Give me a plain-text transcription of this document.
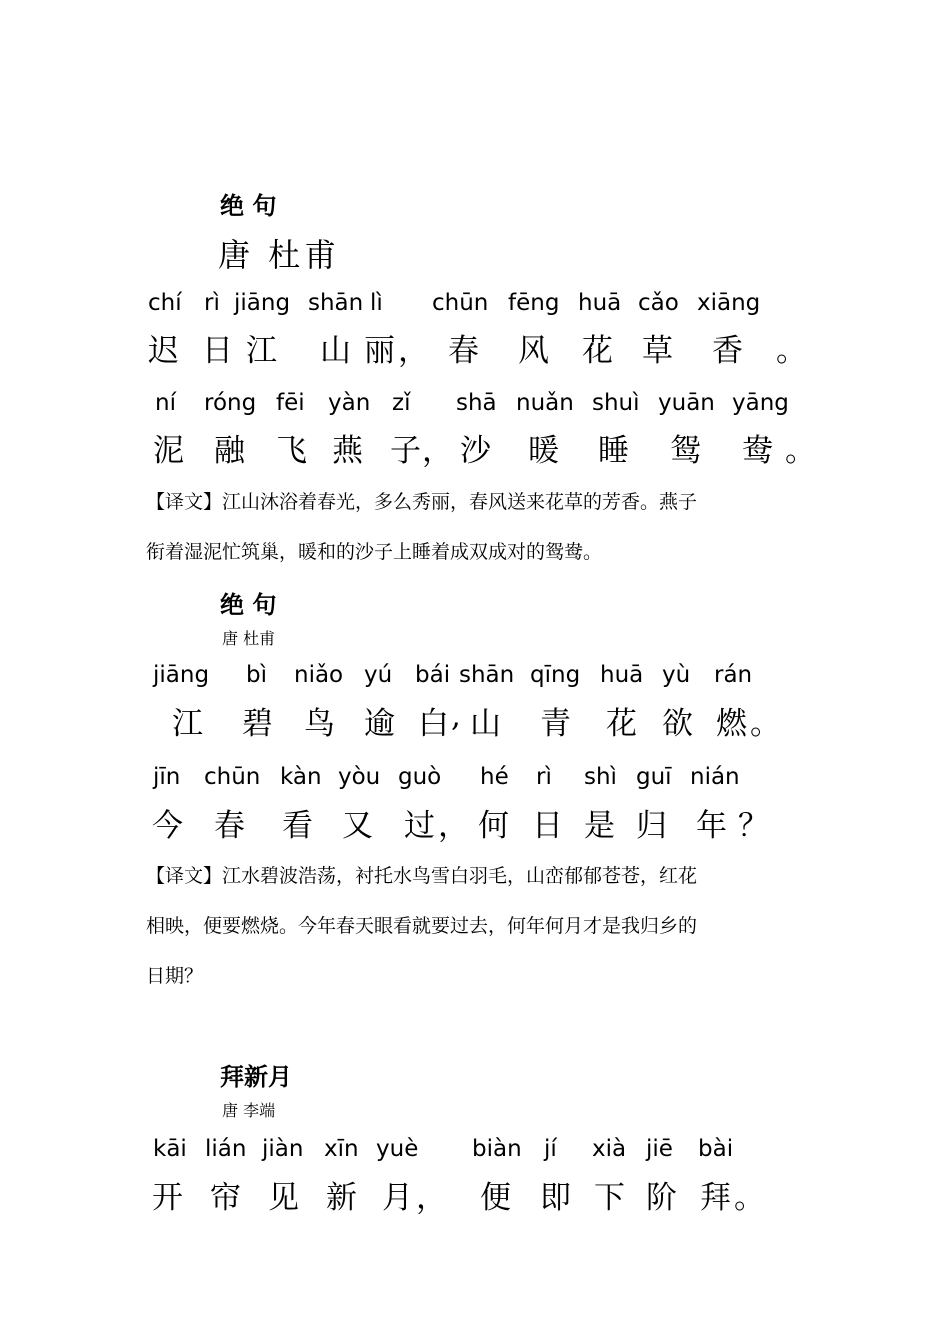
绝 句
唐 杜甫
chí rì jiāng shān lì chūn fēng huā cǎo xiāng
迟 日 江 山 丽 ， 春 风 花 草 香 。
ní róng fēi yàn zǐ shā nuǎn shuì yuān yāng
泥 融 飞 燕 子 ， 沙 暖 睡 鸳 鸯 。
【译文】江山沐浴着春光，多么秀丽，春风送来花草的芳香。燕子
衔着湿泥忙筑巢，暖和的沙子上睡着成双成对的鸳鸯。
绝 句
唐 杜甫
jiāng bì niǎo yú bái shān qīng huā yù rán
江 碧 鸟 逾 白 , 山 青 花 欲 燃 。
jīn chūn kàn yòu guò hé rì shì guī nián
今 春 看 又 过 ， 何 日 是 归 年 ？
【译文】江水碧波浩荡，衬托水鸟雪白羽毛，山峦郁郁苍苍，红花
相映，便要燃烧。今年春天眼看就要过去，何年何月才是我归乡的
日期？
拜新月
唐 李端
kāi lián jiàn xīn yuè biàn jí xià jiē bài
开 帘 见 新 月 ， 便 即 下 阶 拜 。
